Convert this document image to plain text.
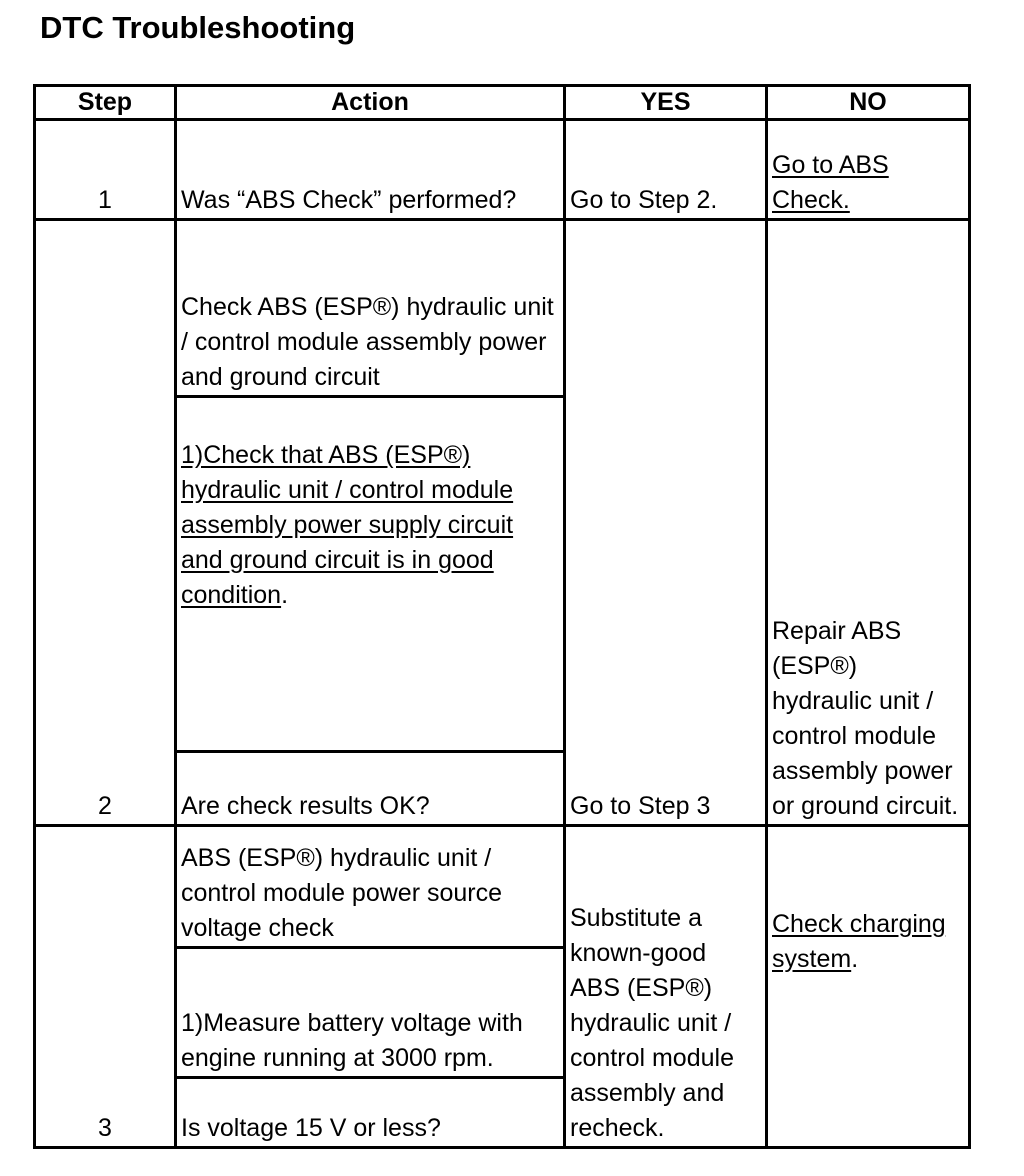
DTC Troubleshooting
Step	Action	YES	NO
1	Was “ABS Check” performed?	Go to Step 2.	Go to ABS Check.
2	Check ABS (ESP®) hydraulic unit / control module assembly power and ground circuit	Go to Step 3	Repair ABS (ESP®) hydraulic unit / control module assembly power or ground circuit.
	1)Check that ABS (ESP®) hydraulic unit / control module assembly power supply circuit and ground circuit is in good condition.		
	Are check results OK?		
3	ABS (ESP®) hydraulic unit / control module power source voltage check	Substitute a known-good ABS (ESP®) hydraulic unit / control module assembly and recheck.	Check charging system.
	1)Measure battery voltage with engine running at 3000 rpm.		
	Is voltage 15 V or less?		
